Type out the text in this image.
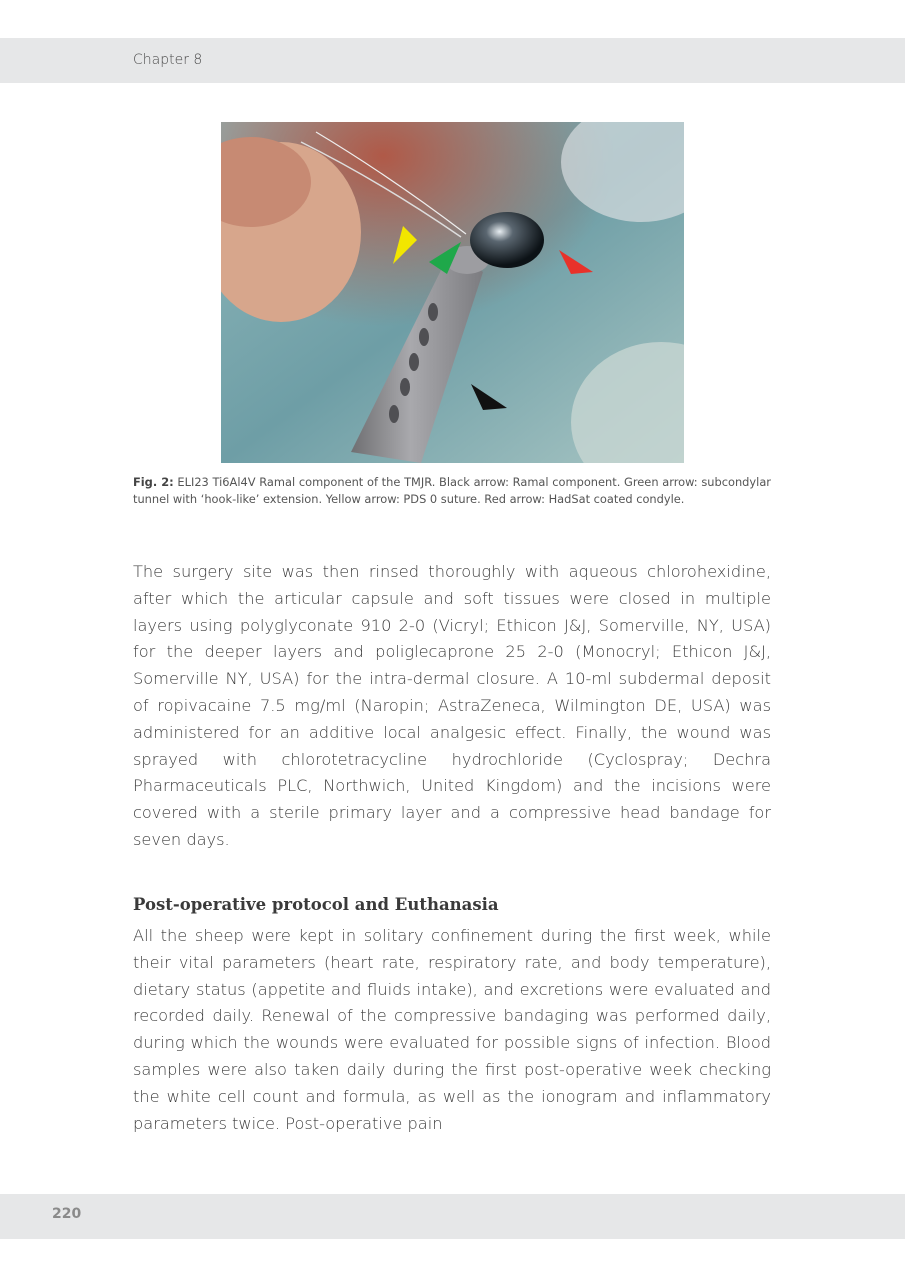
Chapter 8
Fig. 2: ELI23 Ti6Al4V Ramal component of the TMJR. Black arrow: Ramal component. Green arrow: subcondylar tunnel with ‘hook-like’ extension. Yellow arrow: PDS 0 suture. Red arrow: HadSat coated condyle.

The surgery site was then rinsed thoroughly with aqueous chlorohexidine, after which the articular capsule and soft tissues were closed in multiple layers using polyglyconate 910 2-0 (Vicryl; Ethicon J&J, Somerville, NY, USA) for the deeper layers and poliglecaprone 25 2-0 (Monocryl; Ethicon J&J, Somerville NY, USA) for the intra-dermal closure. A 10-ml subdermal deposit of ropivacaine 7.5 mg/ml (Naropin; AstraZeneca, Wilmington DE, USA) was administered for an additive local analgesic effect. Finally, the wound was sprayed with chlorotetracycline hydrochloride (Cyclospray; Dechra Pharmaceuticals PLC, Northwich, United Kingdom) and the incisions were covered with a sterile primary layer and a compressive head bandage for seven days.

Post-operative protocol and Euthanasia

All the sheep were kept in solitary confinement during the first week, while their vital parameters (heart rate, respiratory rate, and body temperature), dietary status (appetite and fluids intake), and excretions were evaluated and recorded daily. Renewal of the compressive bandaging was performed daily, during which the wounds were evaluated for possible signs of infection. Blood samples were also taken daily during the first post-operative week checking the white cell count and formula, as well as the ionogram and inflammatory parameters twice. Post-operative pain

220
